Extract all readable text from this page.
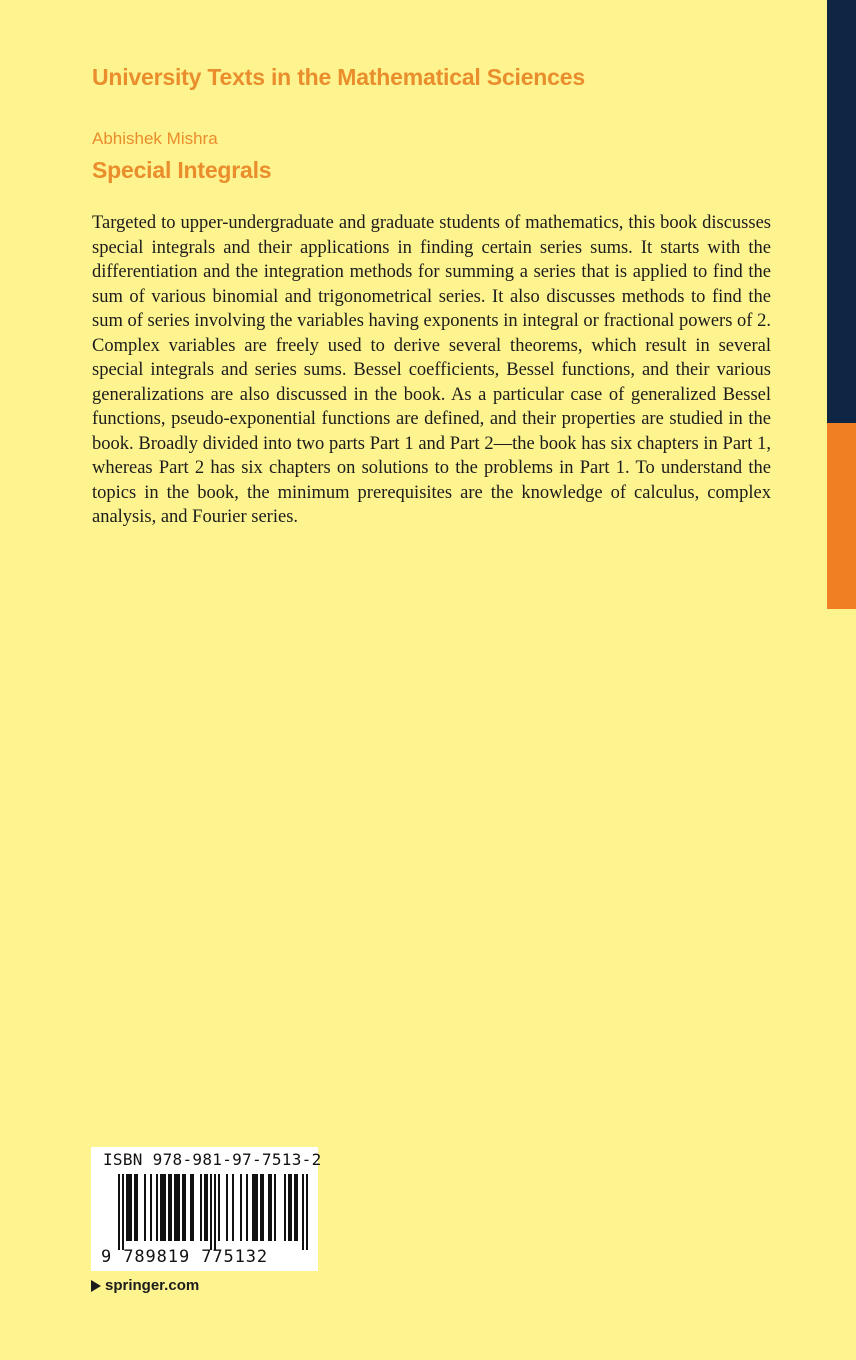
University Texts in the Mathematical Sciences
Abhishek Mishra
Special Integrals

Targeted to upper-undergraduate and graduate students of mathematics, this book discusses special integrals and their applications in finding certain series sums. It starts with the differentiation and the integration methods for summing a series that is applied to find the sum of various binomial and trigonometrical series. It also discusses methods to find the sum of series involving the variables having exponents in integral or fractional powers of 2. Complex variables are freely used to derive several theorems, which result in several special integrals and series sums. Bessel coefficients, Bessel functions, and their various generalizations are also discussed in the book. As a particular case of generalized Bessel functions, pseudo-exponential functions are defined, and their properties are studied in the book. Broadly divided into two parts Part 1 and Part 2—the book has six chapters in Part 1, whereas Part 2 has six chapters on solutions to the problems in Part 1. To understand the topics in the book, the minimum prerequisites are the knowledge of calculus, complex analysis, and Fourier series.

ISBN 978-981-97-7513-2
9 789819 775132
springer.com
